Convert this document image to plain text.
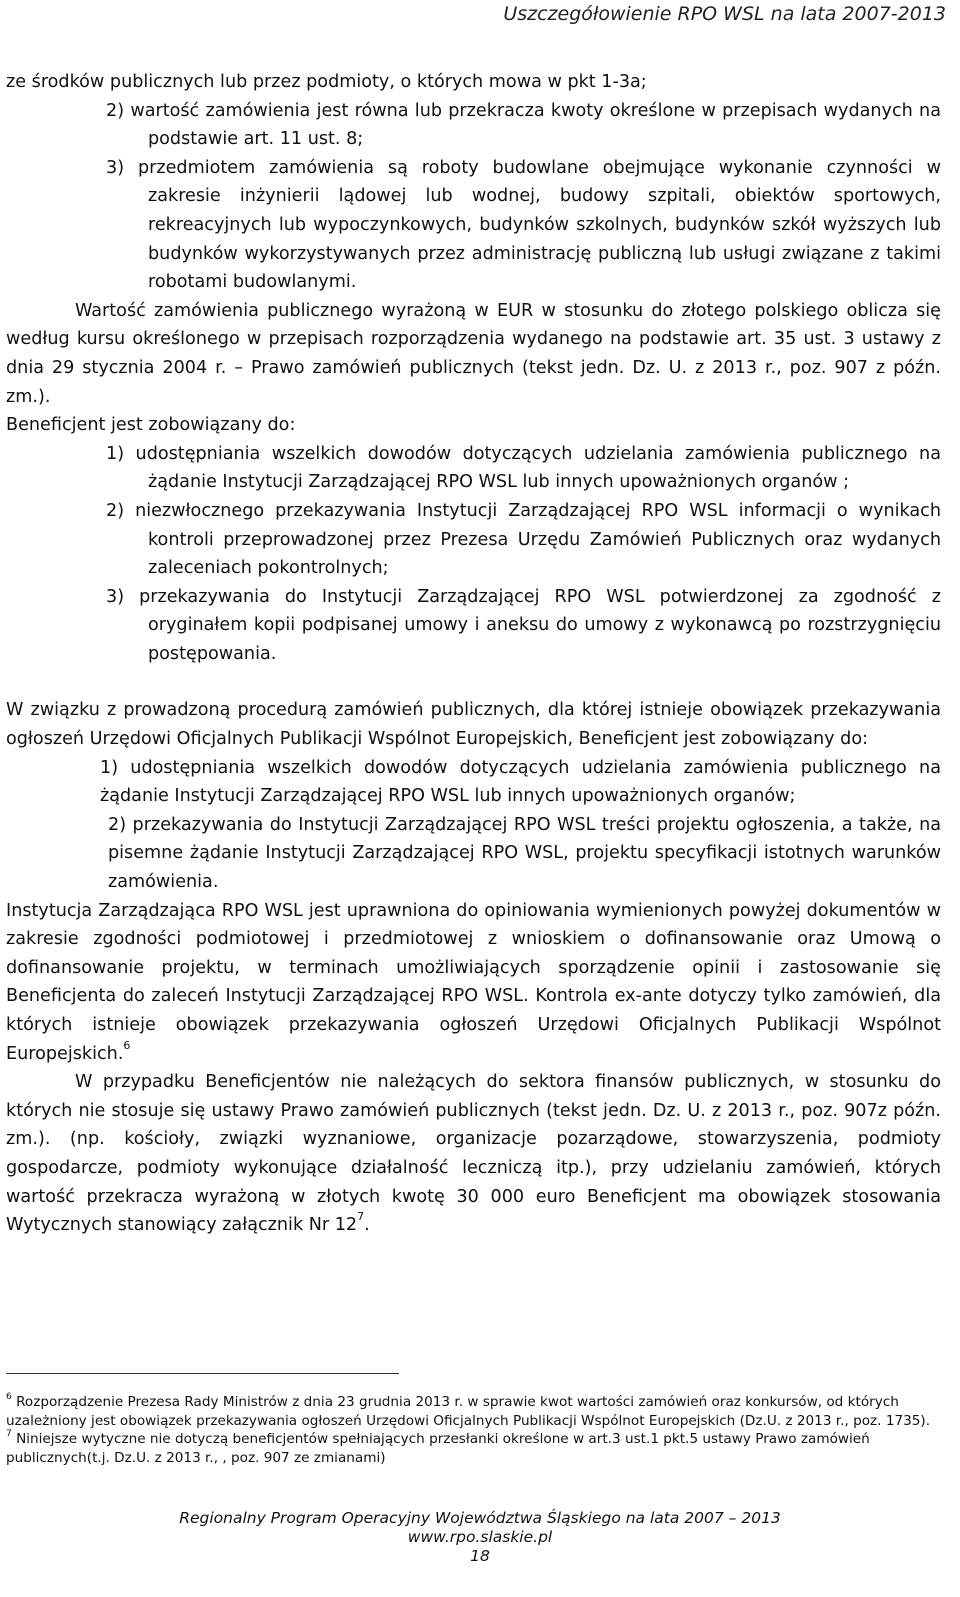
Uszczegółowienie RPO WSL na lata 2007-2013

ze środków publicznych lub przez podmioty, o których mowa w pkt 1-3a;

2) wartość zamówienia jest równa lub przekracza kwoty określone w przepisach wydanych na podstawie art. 11 ust. 8;
3) przedmiotem zamówienia są roboty budowlane obejmujące wykonanie czynności w zakresie inżynierii lądowej lub wodnej, budowy szpitali, obiektów sportowych, rekreacyjnych lub wypoczynkowych, budynków szkolnych, budynków szkół wyższych lub budynków wykorzystywanych przez administrację publiczną lub usługi związane z takimi robotami budowlanymi.

Wartość zamówienia publicznego wyrażoną w EUR w stosunku do złotego polskiego oblicza się według kursu określonego w przepisach rozporządzenia wydanego na podstawie art. 35 ust. 3 ustawy z dnia 29 stycznia 2004 r. – Prawo zamówień publicznych (tekst jedn. Dz. U. z 2013 r., poz. 907 z późn. zm.).

Beneficjent jest zobowiązany do:

1) udostępniania wszelkich dowodów dotyczących udzielania zamówienia publicznego na żądanie Instytucji Zarządzającej RPO WSL lub innych upoważnionych organów ;
2) niezwłocznego przekazywania Instytucji Zarządzającej RPO WSL informacji o wynikach kontroli przeprowadzonej przez Prezesa Urzędu Zamówień Publicznych oraz wydanych zaleceniach pokontrolnych;
3) przekazywania do Instytucji Zarządzającej RPO WSL potwierdzonej za zgodność z oryginałem kopii podpisanej umowy i aneksu do umowy z wykonawcą po rozstrzygnięciu postępowania.

W związku z prowadzoną procedurą zamówień publicznych, dla której istnieje obowiązek przekazywania ogłoszeń Urzędowi Oficjalnych Publikacji Wspólnot Europejskich, Beneficjent jest zobowiązany do:

1) udostępniania wszelkich dowodów dotyczących udzielania zamówienia publicznego na żądanie Instytucji Zarządzającej RPO WSL lub innych upoważnionych organów;
2) przekazywania do Instytucji Zarządzającej RPO WSL treści projektu ogłoszenia, a także, na pisemne żądanie Instytucji Zarządzającej RPO WSL, projektu specyfikacji istotnych warunków zamówienia.

Instytucja Zarządzająca RPO WSL jest uprawniona do opiniowania wymienionych powyżej dokumentów w zakresie zgodności podmiotowej i przedmiotowej z wnioskiem o dofinansowanie oraz Umową o dofinansowanie projektu, w terminach umożliwiających sporządzenie opinii i zastosowanie się Beneficjenta do zaleceń Instytucji Zarządzającej RPO WSL. Kontrola ex-ante dotyczy tylko zamówień, dla których istnieje obowiązek przekazywania ogłoszeń Urzędowi Oficjalnych Publikacji Wspólnot Europejskich.$^6$

W przypadku Beneficjentów nie należących do sektora finansów publicznych, w stosunku do których nie stosuje się ustawy Prawo zamówień publicznych (tekst jedn. Dz. U. z 2013 r., poz. 907z późn. zm.). (np. kościoły, związki wyznaniowe, organizacje pozarządowe, stowarzyszenia, podmioty gospodarcze, podmioty wykonujące działalność leczniczą itp.), przy udzielaniu zamówień, których wartość przekracza wyrażoną w złotych kwotę 30 000 euro Beneficjent ma obowiązek stosowania Wytycznych stanowiący załącznik Nr $12^7$.

$^6$ Rozporządzenie Prezesa Rady Ministrów z dnia 23 grudnia 2013 r. w sprawie kwot wartości zamówień oraz konkursów, od których uzależniony jest obowiązek przekazywania ogłoszeń Urzędowi Oficjalnych Publikacji Wspólnot Europejskich (Dz.U. z 2013 r., poz. 1735).

$^7$ Niniejsze wytyczne nie dotyczą beneficjentów spełniających przesłanki określone w art.3 ust.1 pkt.5 ustawy Prawo zamówień publicznych(t.j. Dz.U. z 2013 r., , poz. 907 ze zmianami)

Regionalny Program Operacyjny Województwa Śląskiego na lata 2007 – 2013
www.rpo.slaskie.pl
18
